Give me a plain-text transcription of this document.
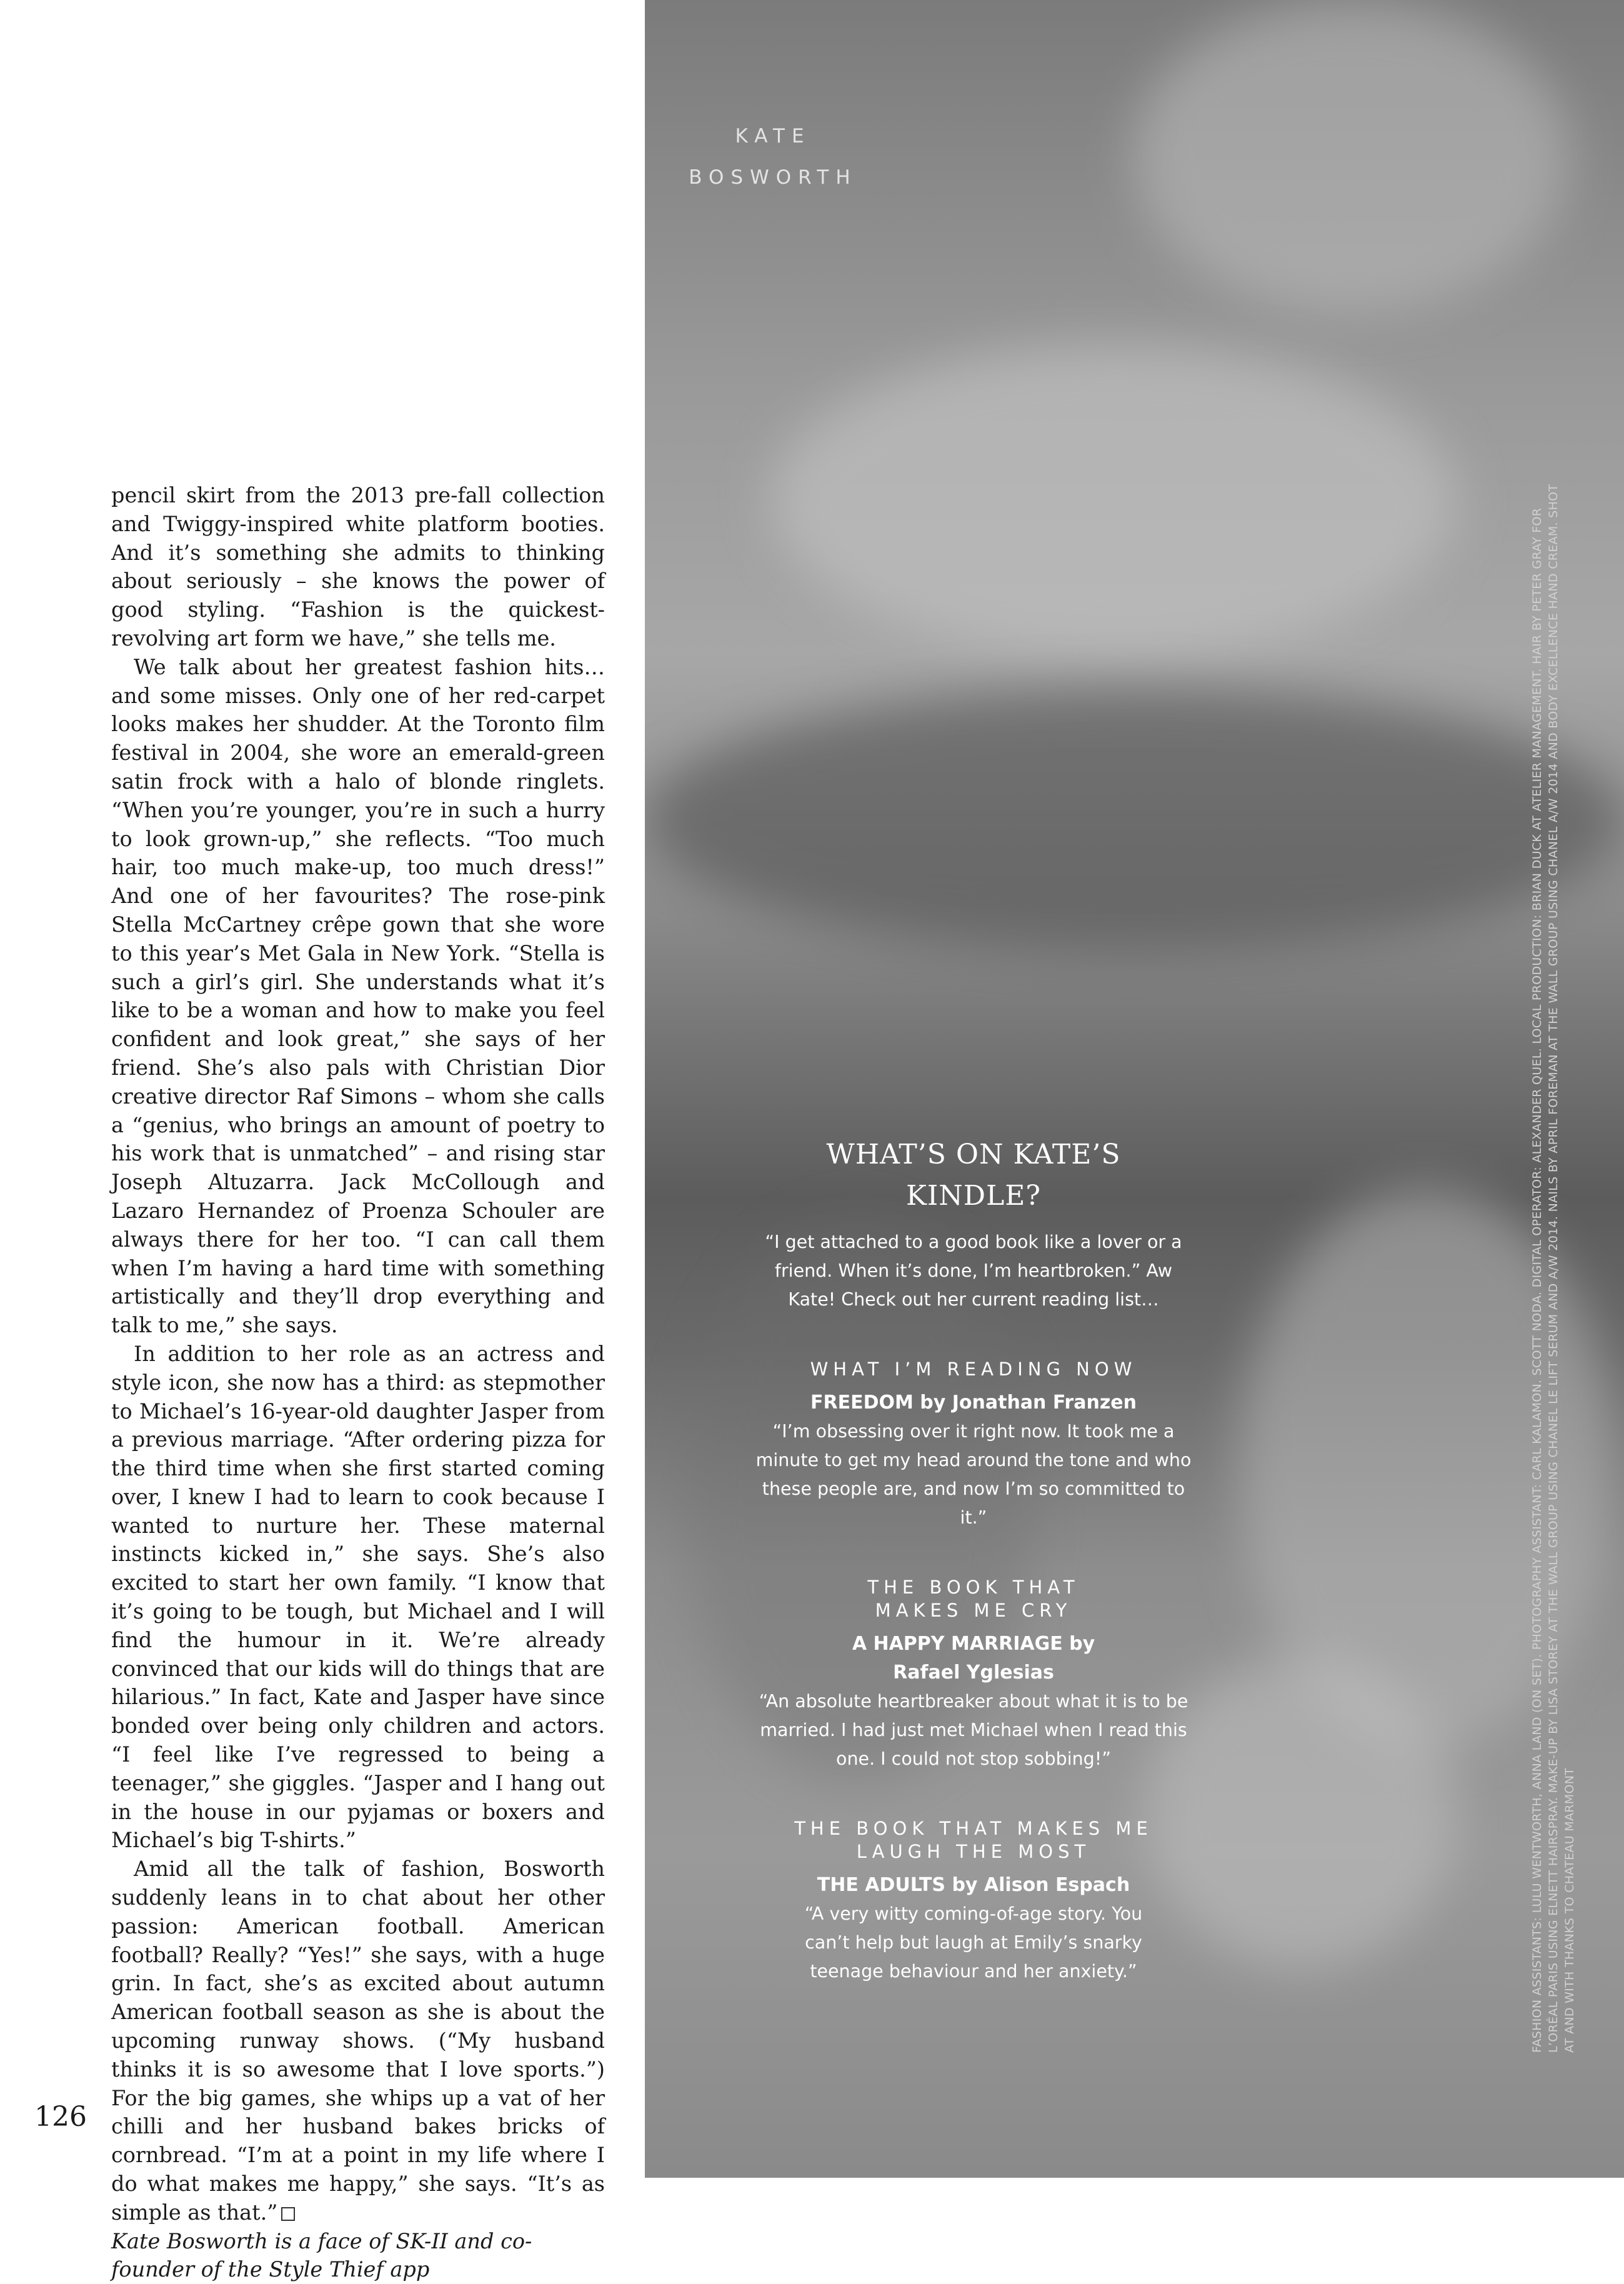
pencil skirt from the 2013 pre-fall collection and Twiggy-inspired white platform booties. And it’s something she admits to thinking about seriously – she knows the power of good styling. “Fashion is the quickest-revolving art form we have,” she tells me.

We talk about her greatest fashion hits… and some misses. Only one of her red-carpet looks makes her shudder. At the Toronto film festival in 2004, she wore an emerald-green satin frock with a halo of blonde ringlets. “When you’re younger, you’re in such a hurry to look grown-up,” she reflects. “Too much hair, too much make-up, too much dress!” And one of her favourites? The rose-pink Stella McCartney crêpe gown that she wore to this year’s Met Gala in New York. “Stella is such a girl’s girl. She understands what it’s like to be a woman and how to make you feel confident and look great,” she says of her friend. She’s also pals with Christian Dior creative director Raf Simons – whom she calls a “genius, who brings an amount of poetry to his work that is unmatched” – and rising star Joseph Altuzarra. Jack McCollough and Lazaro Hernandez of Proenza Schouler are always there for her too. “I can call them when I’m having a hard time with something artistically and they’ll drop everything and talk to me,” she says.

In addition to her role as an actress and style icon, she now has a third: as stepmother to Michael’s 16-year-old daughter Jasper from a previous marriage. “After ordering pizza for the third time when she first started coming over, I knew I had to learn to cook because I wanted to nurture her. These maternal instincts kicked in,” she says. She’s also excited to start her own family. “I know that it’s going to be tough, but Michael and I will find the humour in it. We’re already convinced that our kids will do things that are hilarious.” In fact, Kate and Jasper have since bonded over being only children and actors. “I feel like I’ve regressed to being a teenager,” she giggles. “Jasper and I hang out in the house in our pyjamas or boxers and Michael’s big T-shirts.”

Amid all the talk of fashion, Bosworth suddenly leans in to chat about her other passion: American football. American football? Really? “Yes!” she says, with a huge grin. In fact, she’s as excited about autumn American football season as she is about the upcoming runway shows. (“My husband thinks it is so awesome that I love sports.”) For the big games, she whips up a vat of her chilli and her husband bakes bricks of cornbread. “I’m at a point in my life where I do what makes me happy,” she says. “It’s as simple as that.”

Kate Bosworth is a face of SK-II and co-founder of the Style Thief app

126
KATE
BOSWORTH
WHAT’S ON KATE’S
KINDLE?
“I get attached to a good book like a lover or a friend. When it’s done, I’m heartbroken.” Aw Kate! Check out her current reading list…
WHAT I’M READING NOW
FREEDOM by Jonathan Franzen
“I’m obsessing over it right now. It took me a minute to get my head around the tone and who these people are, and now I’m so committed to it.”
THE BOOK THAT MAKES ME CRY
A HAPPY MARRIAGE by Rafael Yglesias
“An absolute heartbreaker about what it is to be married. I had just met Michael when I read this one. I could not stop sobbing!”
THE BOOK THAT MAKES ME LAUGH THE MOST
THE ADULTS by Alison Espach
“A very witty coming-of-age story. You can’t help but laugh at Emily’s snarky teenage behaviour and her anxiety.”	FASHION ASSISTANTS: LULU WENTWORTH, ANNA LAND (ON SET). PHOTOGRAPHY ASSISTANT: CARL KALAMON. SCOTT NODA. DIGITAL OPERATOR: ALEXANDER QUEL. LOCAL PRODUCTION: BRIAN DUCK AT ATELIER MANAGEMENT. HAIR BY PETER GRAY FOR L’ORÉAL PARIS USING ELNETT HAIRSPRAY. MAKE-UP BY LISA STOREY AT THE WALL GROUP USING CHANEL LE LIFT SERUM AND A/W 2014. NAILS BY APRIL FOREMAN AT THE WALL GROUP USING CHANEL A/W 2014 AND BODY EXCELLENCE HAND CREAM. SHOT AT AND WITH THANKS TO CHATEAU MARMONT
